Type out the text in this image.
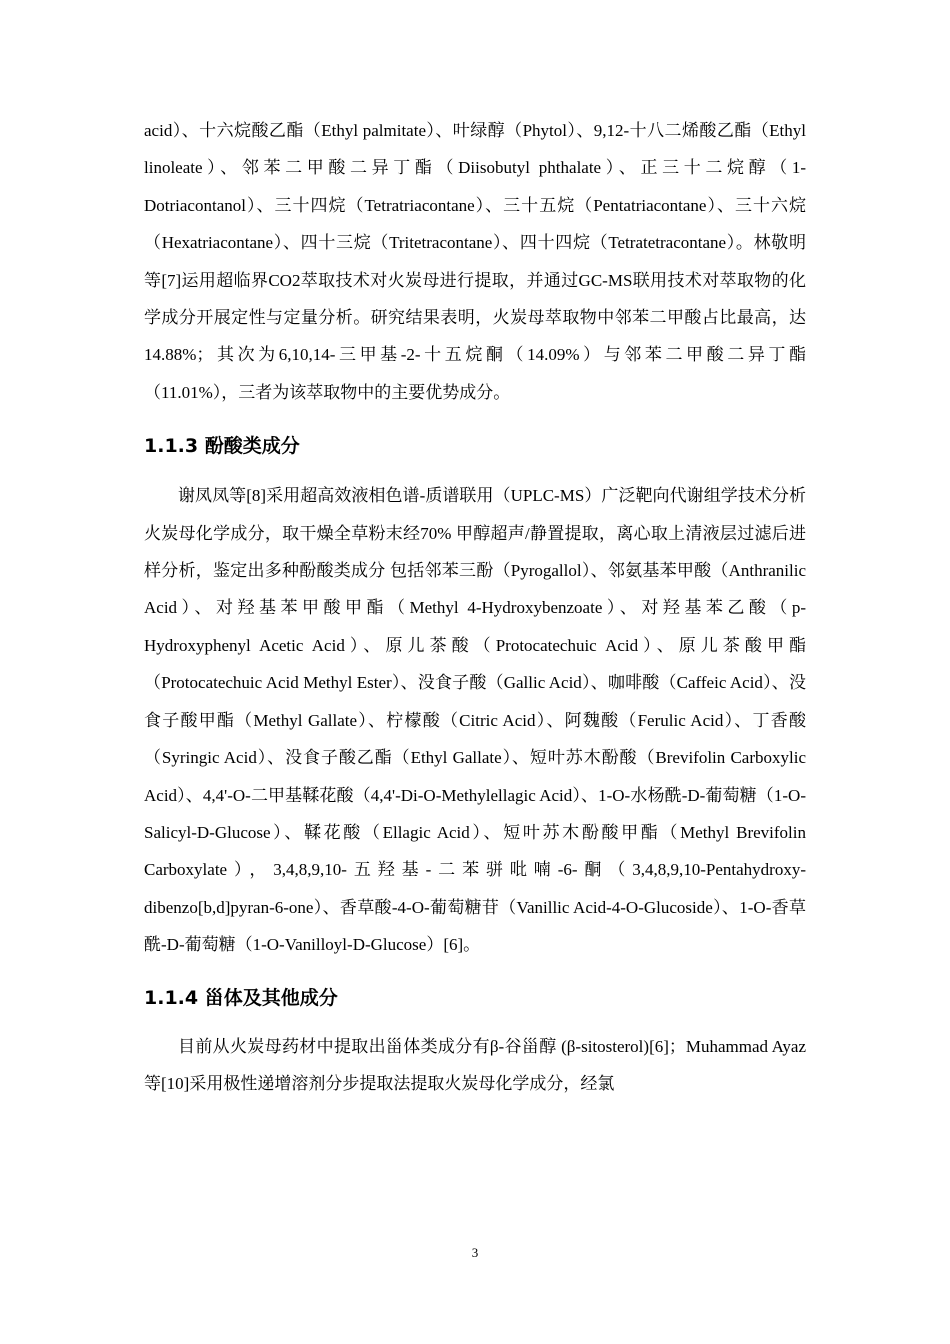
acid）、十六烷酸乙酯（Ethyl palmitate）、叶绿醇（Phytol）、9,12-十八二烯酸乙酯（Ethyl linoleate）、邻苯二甲酸二异丁酯（Diisobutyl phthalate）、正三十二烷醇（1-Dotriacontanol）、三十四烷（Tetratriacontane）、三十五烷（Pentatriacontane）、三十六烷（Hexatriacontane）、四十三烷（Tritetracontane）、四十四烷（Tetratetracontane）。林敬明等[7]运用超临界CO2萃取技术对火炭母进行提取，并通过GC-MS联用技术对萃取物的化学成分开展定性与定量分析。研究结果表明，火炭母萃取物中邻苯二甲酸占比最高，达 14.88%；其次为6,10,14-三甲基-2-十五烷酮（14.09%）与邻苯二甲酸二异丁酯（11.01%），三者为该萃取物中的主要优势成分。

1.1.3 酚酸类成分

谢凤凤等[8]采用超高效液相色谱-质谱联用（UPLC-MS）广泛靶向代谢组学技术分析火炭母化学成分，取干燥全草粉末经70% 甲醇超声/静置提取，离心取上清液层过滤后进样分析，鉴定出多种酚酸类成分 包括邻苯三酚（Pyrogallol）、邻氨基苯甲酸（Anthranilic Acid）、对羟基苯甲酸甲酯（Methyl 4-Hydroxybenzoate）、对羟基苯乙酸（p-Hydroxyphenyl Acetic Acid）、原儿茶酸（Protocatechuic Acid）、原儿茶酸甲酯（Protocatechuic Acid Methyl Ester）、没食子酸（Gallic Acid）、咖啡酸（Caffeic Acid）、没食子酸甲酯（Methyl Gallate）、柠檬酸（Citric Acid）、阿魏酸（Ferulic Acid）、丁香酸（Syringic Acid）、没食子酸乙酯（Ethyl Gallate）、短叶苏木酚酸（Brevifolin Carboxylic Acid）、4,4'-O-二甲基鞣花酸（4,4'-Di-O-Methylellagic Acid）、1-O-水杨酰-D-葡萄糖（1-O-Salicyl-D-Glucose）、鞣花酸（Ellagic Acid）、短叶苏木酚酸甲酯（Methyl Brevifolin Carboxylate），3,4,8,9,10-五羟基-二苯骈吡喃-6-酮（3,4,8,9,10-Pentahydroxy-dibenzo[b,d]pyran-6-one）、香草酸-4-O-葡萄糖苷（Vanillic Acid-4-O-Glucoside）、1-O-香草酰-D-葡萄糖（1-O-Vanilloyl-D-Glucose）[6]。

1.1.4 甾体及其他成分

目前从火炭母药材中提取出甾体类成分有β-谷甾醇 (β-sitosterol)[6]；Muhammad Ayaz等[10]采用极性递增溶剂分步提取法提取火炭母化学成分，经氯

3
